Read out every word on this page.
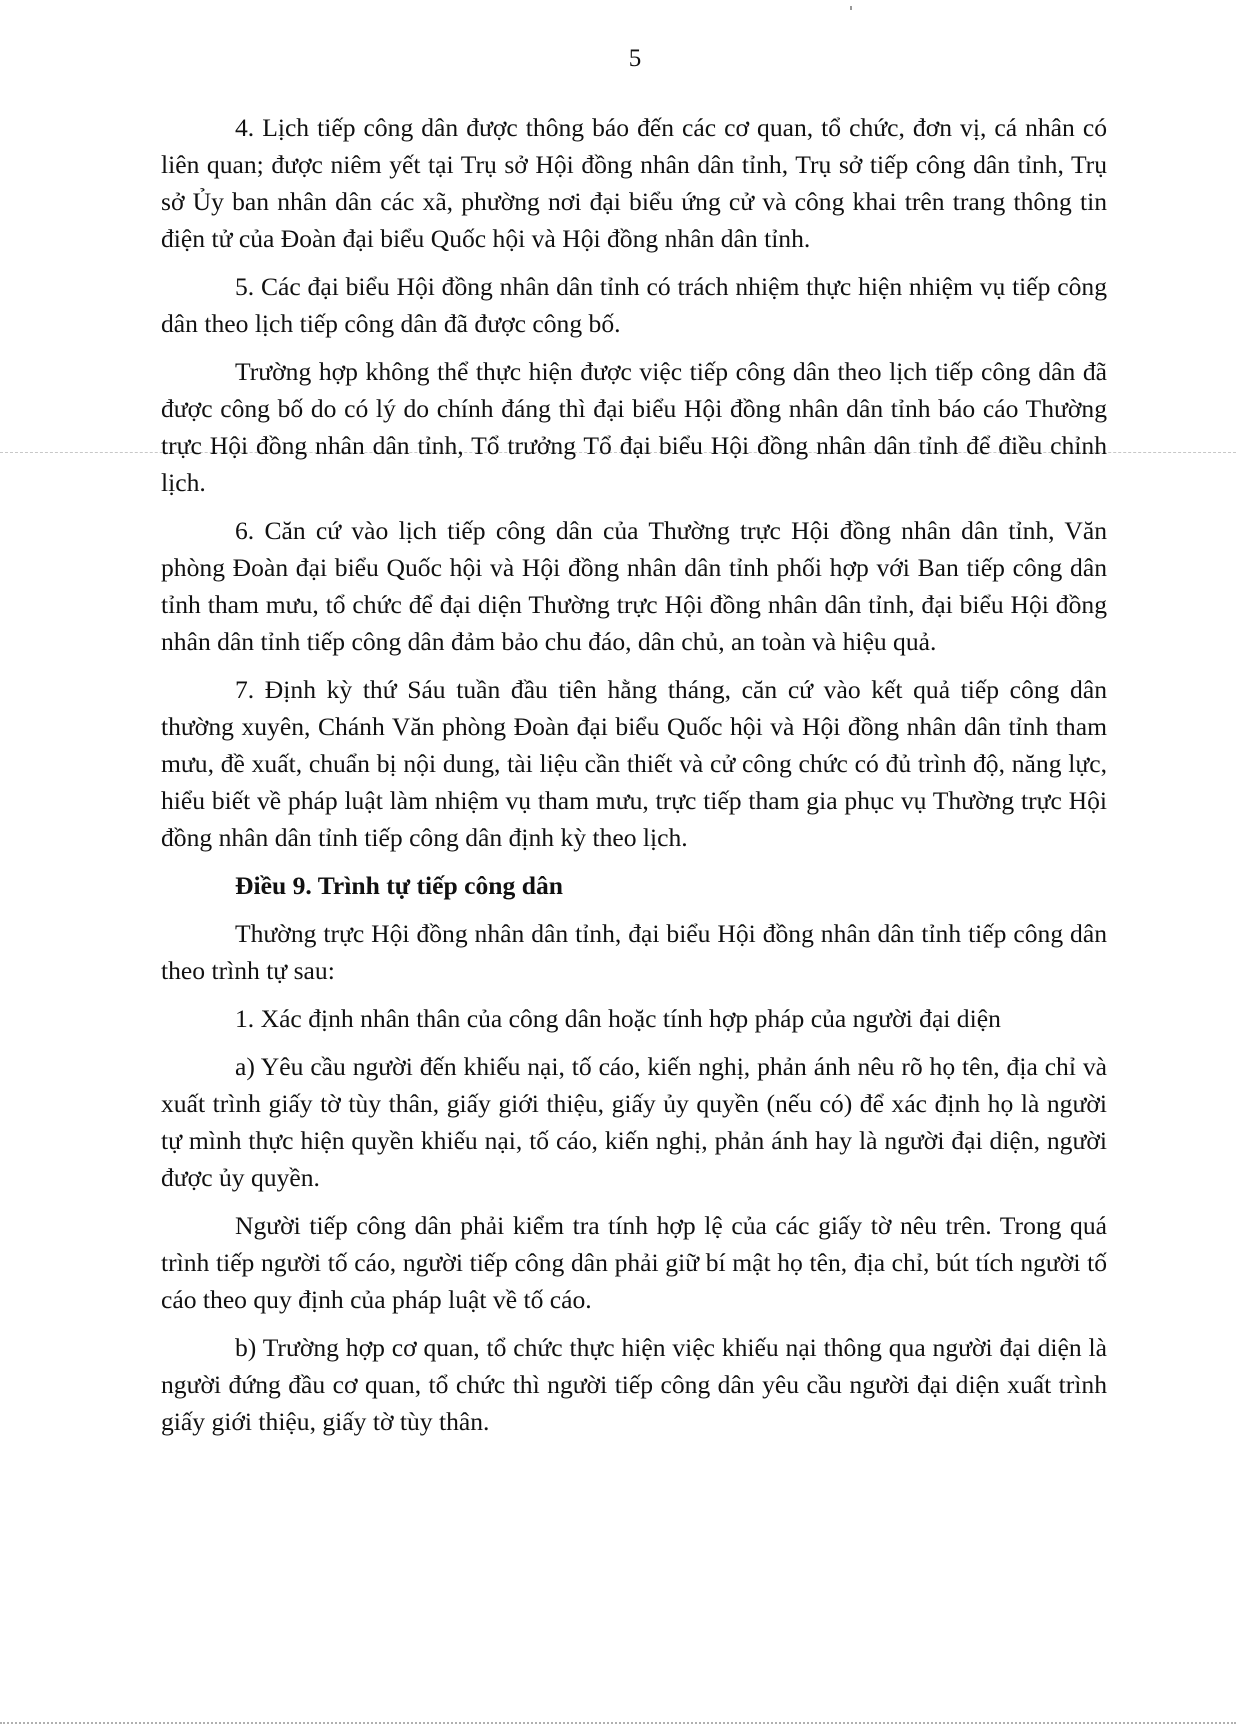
5

4. Lịch tiếp công dân được thông báo đến các cơ quan, tổ chức, đơn vị, cá nhân có liên quan; được niêm yết tại Trụ sở Hội đồng nhân dân tỉnh, Trụ sở tiếp công dân tỉnh, Trụ sở Ủy ban nhân dân các xã, phường nơi đại biểu ứng cử và công khai trên trang thông tin điện tử của Đoàn đại biểu Quốc hội và Hội đồng nhân dân tỉnh.

5. Các đại biểu Hội đồng nhân dân tỉnh có trách nhiệm thực hiện nhiệm vụ tiếp công dân theo lịch tiếp công dân đã được công bố.

Trường hợp không thể thực hiện được việc tiếp công dân theo lịch tiếp công dân đã được công bố do có lý do chính đáng thì đại biểu Hội đồng nhân dân tỉnh báo cáo Thường trực Hội đồng nhân dân tỉnh, Tổ trưởng Tổ đại biểu Hội đồng nhân dân tỉnh để điều chỉnh lịch.

6. Căn cứ vào lịch tiếp công dân của Thường trực Hội đồng nhân dân tỉnh, Văn phòng Đoàn đại biểu Quốc hội và Hội đồng nhân dân tỉnh phối hợp với Ban tiếp công dân tỉnh tham mưu, tổ chức để đại diện Thường trực Hội đồng nhân dân tỉnh, đại biểu Hội đồng nhân dân tỉnh tiếp công dân đảm bảo chu đáo, dân chủ, an toàn và hiệu quả.

7. Định kỳ thứ Sáu tuần đầu tiên hằng tháng, căn cứ vào kết quả tiếp công dân thường xuyên, Chánh Văn phòng Đoàn đại biểu Quốc hội và Hội đồng nhân dân tỉnh tham mưu, đề xuất, chuẩn bị nội dung, tài liệu cần thiết và cử công chức có đủ trình độ, năng lực, hiểu biết về pháp luật làm nhiệm vụ tham mưu, trực tiếp tham gia phục vụ Thường trực Hội đồng nhân dân tỉnh tiếp công dân định kỳ theo lịch.

Điều 9. Trình tự tiếp công dân

Thường trực Hội đồng nhân dân tỉnh, đại biểu Hội đồng nhân dân tỉnh tiếp công dân theo trình tự sau:

1. Xác định nhân thân của công dân hoặc tính hợp pháp của người đại diện

a) Yêu cầu người đến khiếu nại, tố cáo, kiến nghị, phản ánh nêu rõ họ tên, địa chỉ và xuất trình giấy tờ tùy thân, giấy giới thiệu, giấy ủy quyền (nếu có) để xác định họ là người tự mình thực hiện quyền khiếu nại, tố cáo, kiến nghị, phản ánh hay là người đại diện, người được ủy quyền.

Người tiếp công dân phải kiểm tra tính hợp lệ của các giấy tờ nêu trên. Trong quá trình tiếp người tố cáo, người tiếp công dân phải giữ bí mật họ tên, địa chỉ, bút tích người tố cáo theo quy định của pháp luật về tố cáo.

b) Trường hợp cơ quan, tổ chức thực hiện việc khiếu nại thông qua người đại diện là người đứng đầu cơ quan, tổ chức thì người tiếp công dân yêu cầu người đại diện xuất trình giấy giới thiệu, giấy tờ tùy thân.
